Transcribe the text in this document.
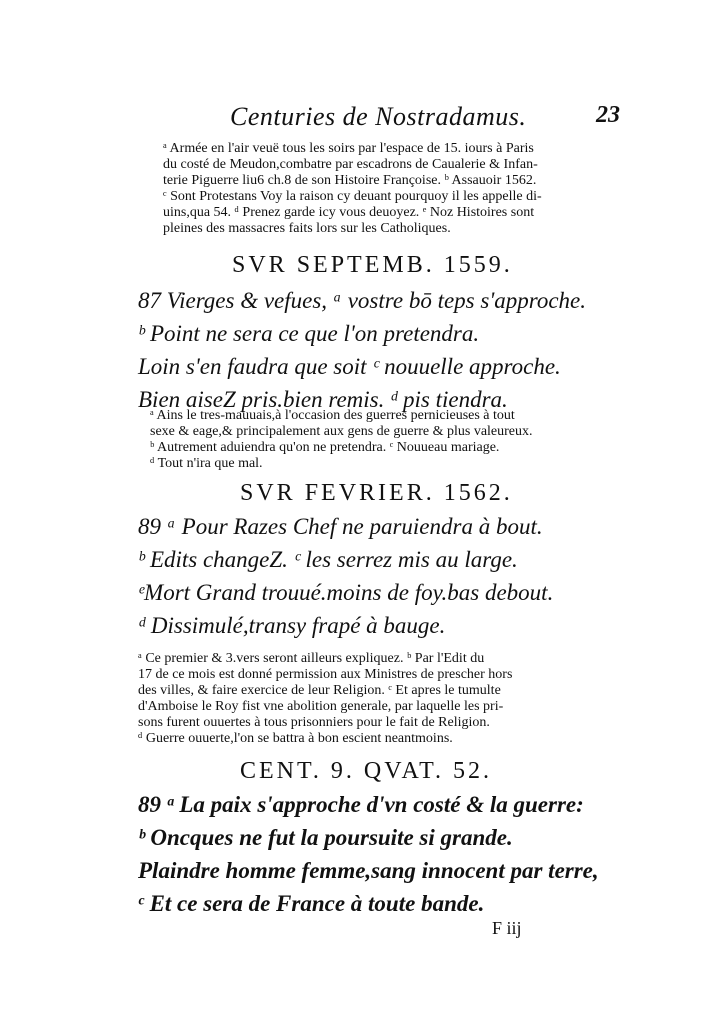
Centuries de Nostradamus.	23

ᵃ Armée en l'air veuë tous les soirs par l'espace de 15. iours à Paris

du costé de Meudon,combatre par escadrons de Caualerie & Infan-

terie Piguerre liu6 ch.8 de son Histoire Françoise. ᵇ Assauoir 1562.

ᶜ Sont Protestans Voy la raison cy deuant pourquoy il les appelle di-

uins,qua 54. ᵈ Prenez garde icy vous deuoyez. ᵉ Noz Histoires sont

pleines des massacres faits lors sur les Catholiques.

SVR SEPTEMB. 1559.

87 Vierges & vefues, ᵃ vostre bō teps s'approche.

ᵇ Point ne sera ce que l'on pretendra.

Loin s'en faudra que soit ᶜ nouuelle approche.

Bien aiseZ pris.bien remis. ᵈ pis tiendra.

ᵃ Ains le tres-mauuais,à l'occasion des guerres pernicieuses à tout

sexe & eage,& principalement aux gens de guerre & plus valeureux.

ᵇ Autrement aduiendra qu'on ne pretendra. ᶜ Nouueau mariage.

ᵈ Tout n'ira que mal.

SVR FEVRIER. 1562.

89 ᵃ Pour Razes Chef ne paruiendra à bout.

ᵇ Edits changeZ. ᶜ les serrez mis au large.

ᵉMort Grand trouué.moins de foy.bas debout.

ᵈ Dissimulé,transy frapé à bauge.

ᵃ Ce premier & 3.vers seront ailleurs expliquez. ᵇ Par l'Edit du

17 de ce mois est donné permission aux Ministres de prescher hors

des villes, & faire exercice de leur Religion. ᶜ Et apres le tumulte

d'Amboise le Roy fist vne abolition generale, par laquelle les pri-

sons furent ouuertes à tous prisonniers pour le fait de Religion.

ᵈ Guerre ouuerte,l'on se battra à bon escient neantmoins.

CENT. 9. QVAT. 52.

89 ᵃ La paix s'approche d'vn costé & la guerre:

ᵇ Oncques ne fut la poursuite si grande.

Plaindre homme femme,sang innocent par terre,

ᶜ Et ce sera de France à toute bande.

F iij
